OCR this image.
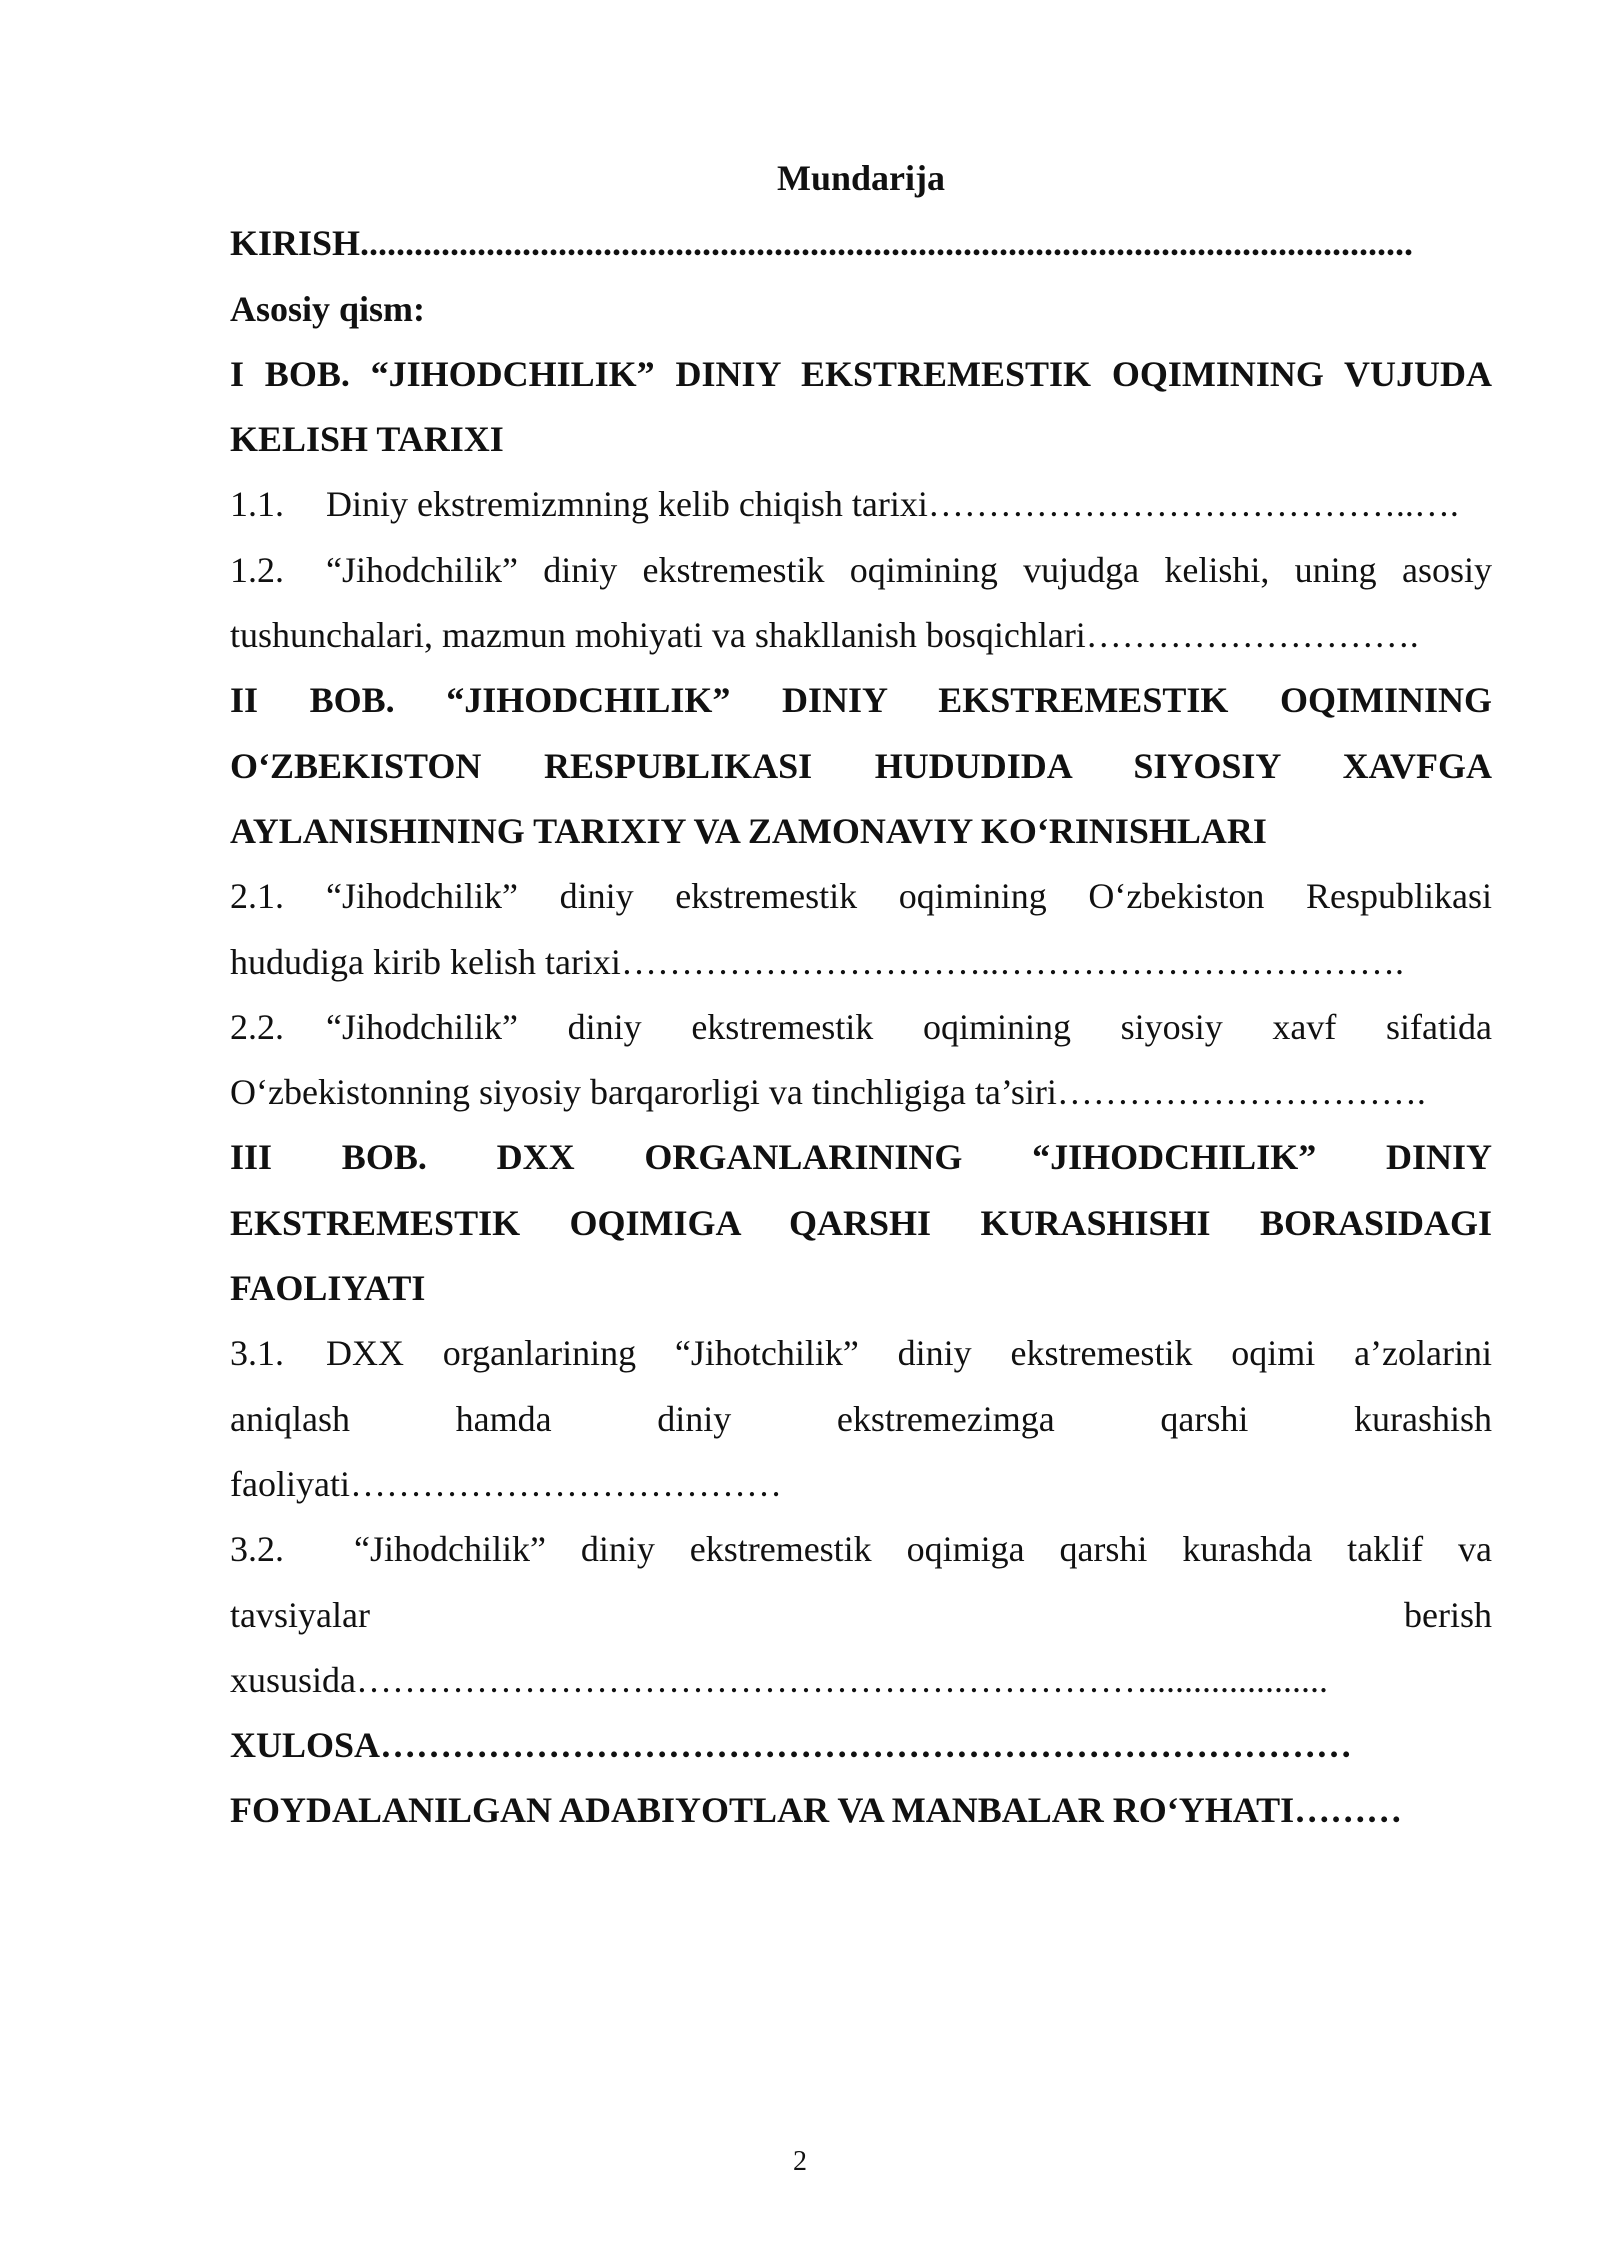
Mundarija

KIRISH.....................................................................................................................

Asosiy qism:

I BOB. “JIHODCHILIK” DINIY EKSTREMESTIK OQIMINING VUJUDA

KELISH TARIXI

1.1. Diniy ekstremizmning kelib chiqish tarixi…………………………………..….

1.2. “Jihodchilik” diniy ekstremestik oqimining vujudga kelishi, uning asosiy

tushunchalari, mazmun mohiyati va shakllanish bosqichlari……………………….

II BOB. “JIHODCHILIK” DINIY EKSTREMESTIK OQIMINING

O‘ZBEKISTON RESPUBLIKASI HUDUDIDA SIYOSIY XAVFGA

AYLANISHINING TARIXIY VA ZAMONAVIY KO‘RINISHLARI

2.1. “Jihodchilik” diniy ekstremestik oqimining O‘zbekiston Respublikasi

hududiga kirib kelish tarixi…………………………..…………………………….

2.2. “Jihodchilik” diniy ekstremestik oqimining siyosiy xavf sifatida

O‘zbekistonning siyosiy barqarorligi va tinchligiga ta’siri………………………….

III BOB. DXX ORGANLARINING “JIHODCHILIK” DINIY

EKSTREMESTIK OQIMIGA QARSHI KURASHISHI BORASIDAGI

FAOLIYATI

3.1. DXX organlarining “Jihotchilik” diniy ekstremestik oqimi a’zolarini

aniqlash hamda diniy ekstremezimga qarshi kurashish

faoliyati………………………………

3.2. “Jihodchilik” diniy ekstremestik oqimiga qarshi kurashda taklif va

tavsiyalar berish

xususida…………………………………………………………....................

XULOSA………………………………………………………………………

FOYDALANILGAN ADABIYOTLAR VA MANBALAR RO‘YHATI………

2
